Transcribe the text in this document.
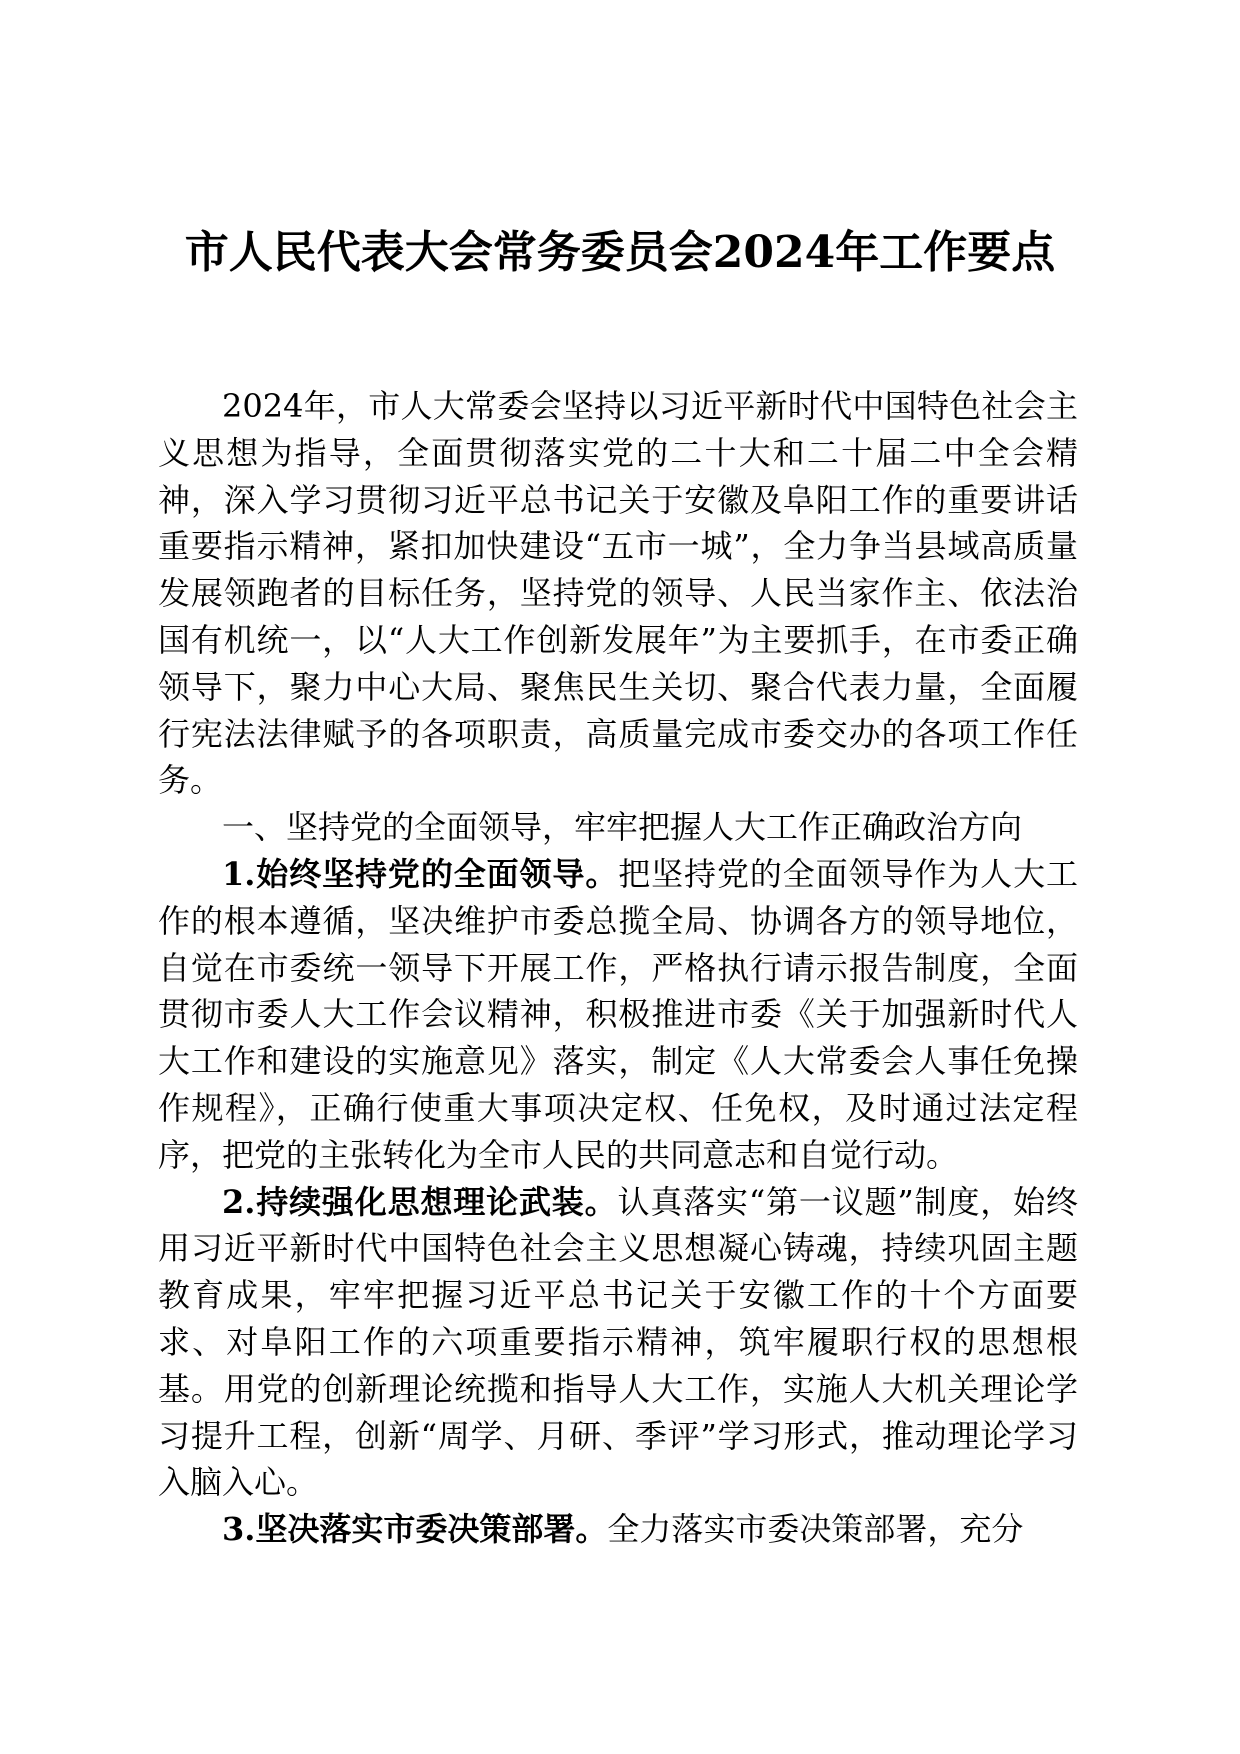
市人民代表大会常务委员会2024年工作要点

2024年，市人大常委会坚持以习近平新时代中国特色社会主义思想为指导，全面贯彻落实党的二十大和二十届二中全会精神，深入学习贯彻习近平总书记关于安徽及阜阳工作的重要讲话重要指示精神，紧扣加快建设“五市一城”，全力争当县域高质量发展领跑者的目标任务，坚持党的领导、人民当家作主、依法治国有机统一，以“人大工作创新发展年”为主要抓手，在市委正确领导下，聚力中心大局、聚焦民生关切、聚合代表力量，全面履行宪法法律赋予的各项职责，高质量完成市委交办的各项工作任务。

一、坚持党的全面领导，牢牢把握人大工作正确政治方向

1.始终坚持党的全面领导。把坚持党的全面领导作为人大工作的根本遵循，坚决维护市委总揽全局、协调各方的领导地位，自觉在市委统一领导下开展工作，严格执行请示报告制度，全面贯彻市委人大工作会议精神，积极推进市委《关于加强新时代人大工作和建设的实施意见》落实，制定《人大常委会人事任免操作规程》，正确行使重大事项决定权、任免权，及时通过法定程序，把党的主张转化为全市人民的共同意志和自觉行动。

2.持续强化思想理论武装。认真落实“第一议题”制度，始终用习近平新时代中国特色社会主义思想凝心铸魂，持续巩固主题教育成果，牢牢把握习近平总书记关于安徽工作的十个方面要求、对阜阳工作的六项重要指示精神，筑牢履职行权的思想根基。用党的创新理论统揽和指导人大工作，实施人大机关理论学习提升工程，创新“周学、月研、季评”学习形式，推动理论学习入脑入心。

3.坚决落实市委决策部署。全力落实市委决策部署，充分
